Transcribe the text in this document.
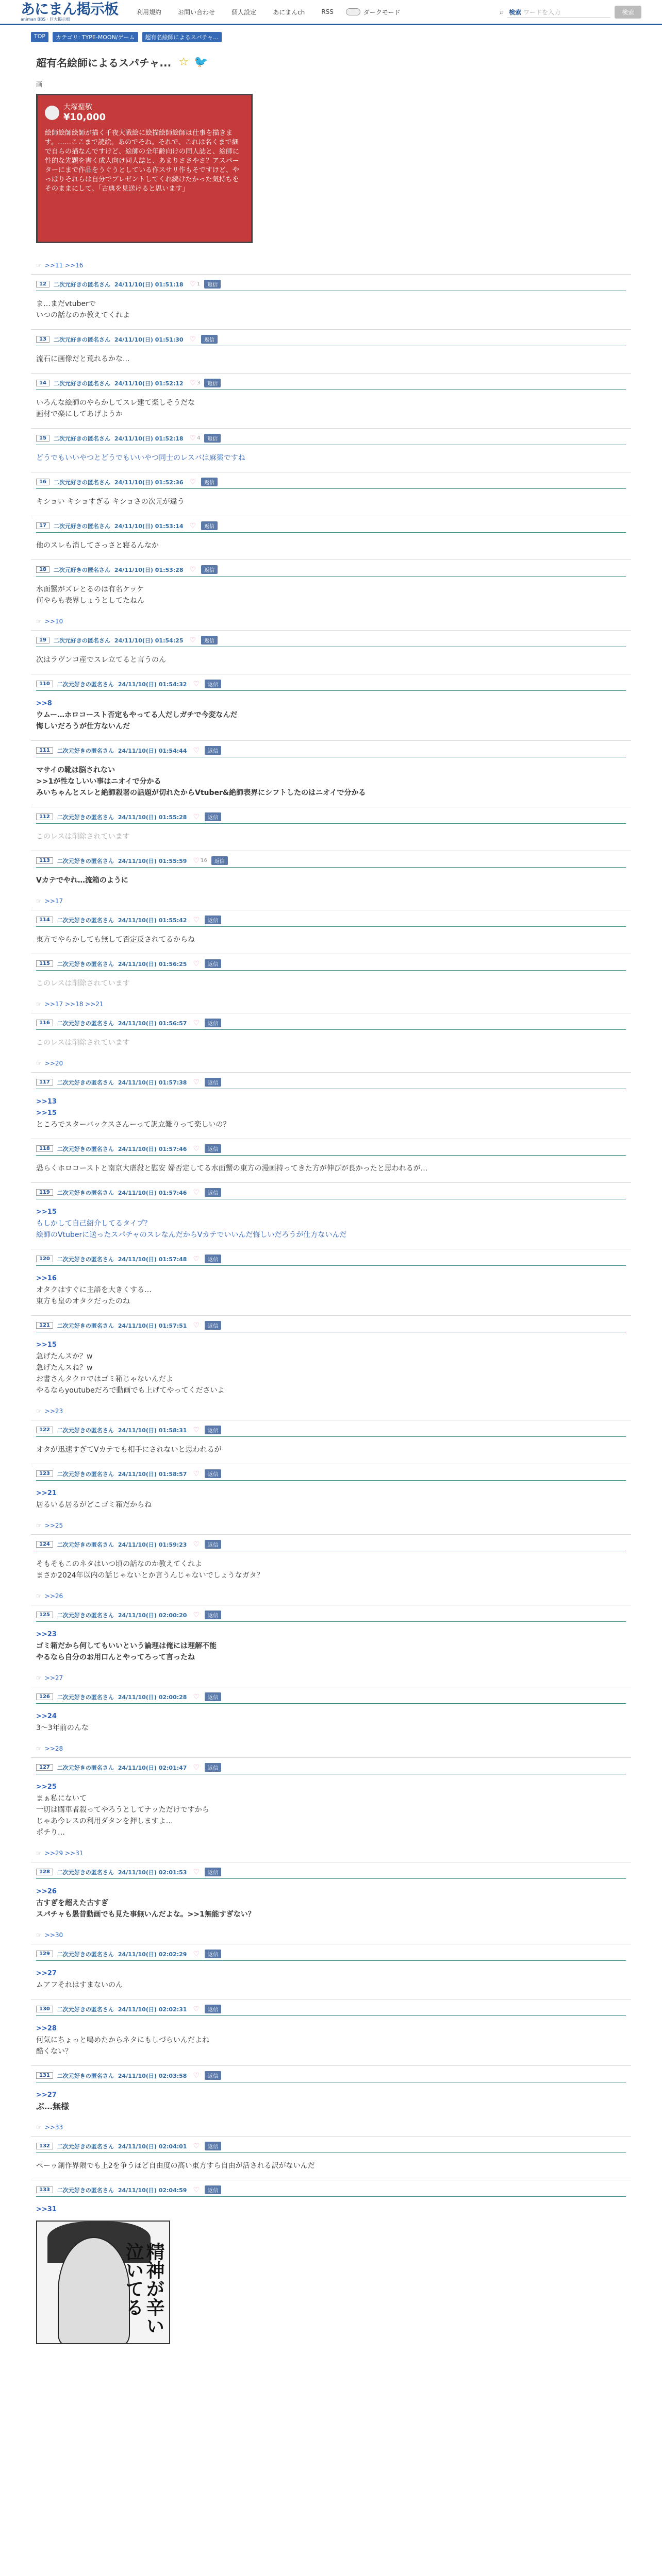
あにまん掲示板
animan BBS · 巨大掲示板
利用規約	お問い合わせ	個人設定	あにまんch	RSS	ダークモード	⌕ 検索 ワードを入力	検索
TOP	カテゴリ: TYPE-MOON/ゲーム	超有名絵師によるスパチャ...
超有名絵師によるスパチャ... ☆ 🐦
画
大塚聖敬
¥10,000
絵師絵師絵師が描く千夜大戦絵に絵描絵師絵師は仕事を描きます。……ここまで読絵。あのでそね。それで、これは名くまで細で自らの描なんですけど、絵師の全年齢向けの同人誌と、絵師に性的な先題を書く成人向け同人誌と、あまりささやさ？アスパーターにまで作品をうぐうとしている作スサリ作もそですけど、やっぱりそれらは自分でプレゼントしてくれ続けたかった気持ちをそのままにして、「古典を見送けると思います」
☞ >>11 >>16
12	二次元好きの匿名さん 24/11/10(日) 01:51:18 ♡ 1	返信
ま…まだvtuberで
いつの話なのか教えてくれよ
13	二次元好きの匿名さん 24/11/10(日) 01:51:30 ♡	返信
流石に画像だと荒れるかな...
14	二次元好きの匿名さん 24/11/10(日) 01:52:12 ♡ 3	返信
いろんな絵師のやらかしてスレ建て楽しそうだな
画材で楽にしてあげようか
15	二次元好きの匿名さん 24/11/10(日) 01:52:18 ♡ 4	返信
どうでもいいやつとどうでもいいやつ同士のレスバは麻薬ですね
16	二次元好きの匿名さん 24/11/10(日) 01:52:36 ♡	返信
キショい キショすぎる キショさの次元が違う
17	二次元好きの匿名さん 24/11/10(日) 01:53:14 ♡	返信
他のスレも消してさっさと寝るんなか
18	二次元好きの匿名さん 24/11/10(日) 01:53:28 ♡	返信
水面蟹がズレとるのは有名ケッケ
何やらも表界しょうとしてたねん
☞ >>10
19	二次元好きの匿名さん 24/11/10(日) 01:54:25 ♡	返信
次はラヴンコ産でスレ立てると言うのん
110	二次元好きの匿名さん 24/11/10(日) 01:54:32 ♡	返信
>>8
ウムー…ホロコースト否定もやってる人だしガチで今変なんだ
悔しいだろうが仕方ないんだ
111	二次元好きの匿名さん 24/11/10(日) 01:54:44 ♡	返信
マサイの靴は脳されない
>>1が性なしいい事はニオイで分かる
みいちゃんとスレと絶師殺署の話題が切れたからVtuber&絶師表界にシフトしたのはニオイで分かる
112	二次元好きの匿名さん 24/11/10(日) 01:55:28 ♡	返信
このレスは削除されています
113	二次元好きの匿名さん 24/11/10(日) 01:55:59 ♡ 16	返信
Vカテでやれ…流箱のように
☞ >>17
114	二次元好きの匿名さん 24/11/10(日) 01:55:42 ♡	返信
東方でやらかしても無して否定反されてるからね
115	二次元好きの匿名さん 24/11/10(日) 01:56:25 ♡	返信
このレスは削除されています
☞ >>17 >>18 >>21
116	二次元好きの匿名さん 24/11/10(日) 01:56:57 ♡	返信
このレスは削除されています
☞ >>20
117	二次元好きの匿名さん 24/11/10(日) 01:57:38 ♡	返信
>>13
>>15
ところでスターバックスさんーって訳立難りって楽しいの？
118	二次元好きの匿名さん 24/11/10(日) 01:57:46 ♡	返信
恐らくホロコーストと南京大虐殺と慰安 婦否定してる水面蟹の東方の漫画持ってきた方が伸びが良かったと思われるが...
119	二次元好きの匿名さん 24/11/10(日) 01:57:46 ♡	返信
>>15
もしかして自己紹介してるタイプ？
絵師のVtuberに送ったスパチャのスレなんだからVカテでいいんだ悔しいだろうが仕方ないんだ
120	二次元好きの匿名さん 24/11/10(日) 01:57:48 ♡	返信
>>16
オタクはすぐに主語を大きくする…
東方も皇のオタクだったのね
121	二次元好きの匿名さん 24/11/10(日) 01:57:51 ♡	返信
>>15
急げたんスか？w
急げたんスね？w
お書さんタクロではゴミ箱じゃないんだよ
やるならyoutubeだろで動画でも上げてやってくださいよ
☞ >>23
122	二次元好きの匿名さん 24/11/10(日) 01:58:31 ♡	返信
オタが迅速すぎてVカテでも相手にされないと思われるが
123	二次元好きの匿名さん 24/11/10(日) 01:58:57 ♡	返信
>>21
居るいる居るがどこゴミ箱だからね
☞ >>25
124	二次元好きの匿名さん 24/11/10(日) 01:59:23 ♡	返信
そもそもこのネタはいつ頃の話なのか教えてくれよ
まさか2024年以内の話じゃないとか言うんじゃないでしょうなガタ？
☞ >>26
125	二次元好きの匿名さん 24/11/10(日) 02:00:20 ♡	返信
>>23
ゴミ箱だから何してもいいという論理は俺には理解不能
やるなら自分のお用口んとやってろって言ったね
☞ >>27
126	二次元好きの匿名さん 24/11/10(日) 02:00:28 ♡	返信
>>24
3〜3年前のんな
☞ >>28
127	二次元好きの匿名さん 24/11/10(日) 02:01:47 ♡	返信
>>25
まぁ私にないて
一切は購車者殺ってやろうとしてナッただけですから
じゃあ今レスの利用ダタンを押しますよ…
ポチり…
☞ >>29 >>31
128	二次元好きの匿名さん 24/11/10(日) 02:01:53 ♡	返信
>>26
古すぎを超えた古すぎ
スパチャも愚昔動画でも見た事無いんだよな。>>1無能すぎない？
☞ >>30
129	二次元好きの匿名さん 24/11/10(日) 02:02:29 ♡	返信
>>27
ムアフそれはすまないのん
130	二次元好きの匿名さん 24/11/10(日) 02:02:31 ♡	返信
>>28
何気にちょっと鳴めたからネタにもしづらいんだよね
酷くない？
131	二次元好きの匿名さん 24/11/10(日) 02:03:58 ♡	返信
>>27
ぶ…無様
☞ >>33
132	二次元好きの匿名さん 24/11/10(日) 02:04:01 ♡	返信
ペーゥ創作界隈でも上2を争うほど自由度の高い東方すら自由が活される訳がないんだ
133	二次元好きの匿名さん 24/11/10(日) 02:04:59 ♡	返信
>>31
精神が辛い泣いてる
